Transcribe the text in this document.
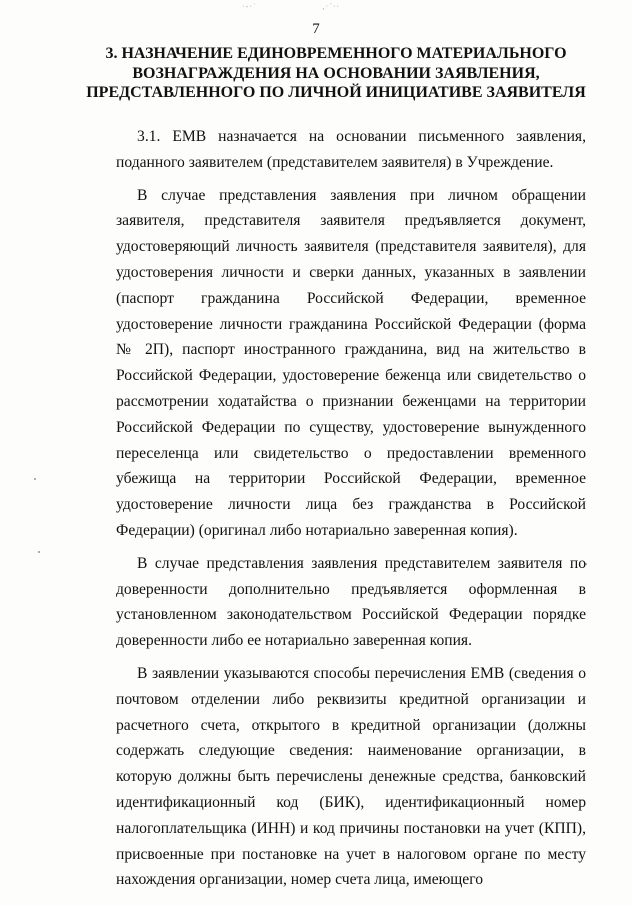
·-‧˙	‚·ˊ‧‧
7
3. НАЗНАЧЕНИЕ ЕДИНОВРЕМЕННОГО МАТЕРИАЛЬНОГО
ВОЗНАГРАЖДЕНИЯ НА ОСНОВАНИИ ЗАЯВЛЕНИЯ,
ПРЕДСТАВЛЕННОГО ПО ЛИЧНОЙ ИНИЦИАТИВЕ ЗАЯВИТЕЛЯ

3.1. ЕМВ назначается на основании письменного заявления, поданного заявителем (представителем заявителя) в Учреждение.

В случае представления заявления при личном обращении заявителя, представителя заявителя предъявляется документ, удостоверяющий личность заявителя (представителя заявителя), для удостоверения личности и сверки данных, указанных в заявлении (паспорт гражданина Российской Федерации, временное удостоверение личности гражданина Российской Федерации (форма № 2П), паспорт иностранного гражданина, вид на жительство в Российской Федерации, удостоверение беженца или свидетельство о рассмотрении ходатайства о признании беженцами на территории Российской Федерации по существу, удостоверение вынужденного переселенца или свидетельство о предоставлении временного убежища на территории Российской Федерации, временное удостоверение личности лица без гражданства в Российской Федерации) (оригинал либо нотариально заверенная копия).

В случае представления заявления представителем заявителя по доверенности дополнительно предъявляется оформленная в установленном законодательством Российской Федерации порядке доверенности либо ее нотариально заверенная копия.

В заявлении указываются способы перечисления ЕМВ (сведения о почтовом отделении либо реквизиты кредитной организации и расчетного счета, открытого в кредитной организации (должны содержать следующие сведения: наименование организации, в которую должны быть перечислены денежные средства, банковский идентификационный код (БИК), идентификационный номер налогоплательщика (ИНН) и код причины постановки на учет (КПП), присвоенные при постановке на учет в налоговом органе по месту нахождения организации, номер счета лица, имеющего
